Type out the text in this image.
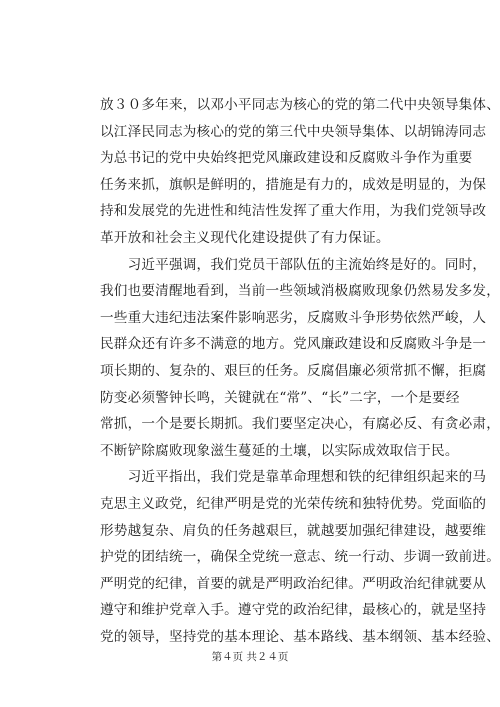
放３０多年来，以邓小平同志为核心的党的第二代中央领导集体、
以江泽民同志为核心的党的第三代中央领导集体、以胡锦涛同志
为总书记的党中央始终把党风廉政建设和反腐败斗争作为重要
任务来抓，旗帜是鲜明的，措施是有力的，成效是明显的，为保
持和发展党的先进性和纯洁性发挥了重大作用，为我们党领导改
革开放和社会主义现代化建设提供了有力保证。
　　习近平强调，我们党员干部队伍的主流始终是好的。同时，
我们也要清醒地看到，当前一些领域消极腐败现象仍然易发多发，
一些重大违纪违法案件影响恶劣，反腐败斗争形势依然严峻，人
民群众还有许多不满意的地方。党风廉政建设和反腐败斗争是一
项长期的、复杂的、艰巨的任务。反腐倡廉必须常抓不懈，拒腐
防变必须警钟长鸣，关键就在“常”、“长”二字，一个是要经
常抓，一个是要长期抓。我们要坚定决心，有腐必反、有贪必肃，
不断铲除腐败现象滋生蔓延的土壤，以实际成效取信于民。
　　习近平指出，我们党是靠革命理想和铁的纪律组织起来的马
克思主义政党，纪律严明是党的光荣传统和独特优势。党面临的
形势越复杂、肩负的任务越艰巨，就越要加强纪律建设，越要维
护党的团结统一，确保全党统一意志、统一行动、步调一致前进。
严明党的纪律，首要的就是严明政治纪律。严明政治纪律就要从
遵守和维护党章入手。遵守党的政治纪律，最核心的，就是坚持
党的领导，坚持党的基本理论、基本路线、基本纲领、基本经验、
第４页 共２４页
